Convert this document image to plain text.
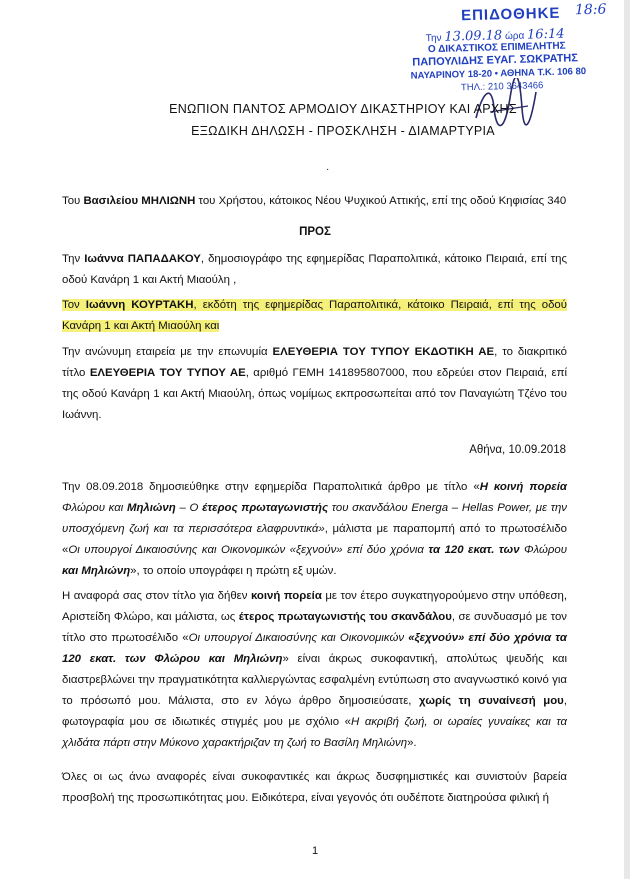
ΕΠΙΔΟΘΗΚΕ 18:6
Την 13.09.18 ώρα 16:14
Ο ΔΙΚΑΣΤΙΚΟΣ ΕΠΙΜΕΛΗΤΗΣ
ΠΑΠΟΥΛΙΔΗΣ ΕΥΑΓ. ΣΩΚΡΑΤΗΣ
ΝΑΥΑΡΙΝΟΥ 18-20 • ΑΘΗΝΑ Τ.Κ. 106 80
ΤΗΛ.: 210 3643466
ΕΝΩΠΙΟΝ ΠΑΝΤΟΣ ΑΡΜΟΔΙΟΥ ΔΙΚΑΣΤΗΡΙΟΥ ΚΑΙ ΑΡΧΗΣ
ΕΞΩΔΙΚΗ ΔΗΛΩΣΗ - ΠΡΟΣΚΛΗΣΗ - ΔΙΑΜΑΡΤΥΡΙΑ
·

Του Βασιλείου ΜΗΛΙΩΝΗ του Χρήστου, κάτοικος Νέου Ψυχικού Αττικής, επί της οδού Κηφισίας 340

ΠΡΟΣ

Την Ιωάννα ΠΑΠΑΔΑΚΟΥ, δημοσιογράφο της εφημερίδας Παραπολιτικά, κάτοικο Πειραιά, επί της οδού Κανάρη 1 και Ακτή Μιαούλη ,

Τον Ιωάννη ΚΟΥΡΤΑΚΗ, εκδότη της εφημερίδας Παραπολιτικά, κάτοικο Πειραιά, επί της οδού Κανάρη 1 και Ακτή Μιαούλη και

Την ανώνυμη εταιρεία με την επωνυμία ΕΛΕΥΘΕΡΙΑ ΤΟΥ ΤΥΠΟΥ ΕΚΔΟΤΙΚΗ ΑΕ, το διακριτικό τίτλο ΕΛΕΥΘΕΡΙΑ ΤΟΥ ΤΥΠΟΥ ΑΕ, αριθμό ΓΕΜΗ 141895807000, που εδρεύει στον Πειραιά, επί της οδού Κανάρη 1 και Ακτή Μιαούλη, όπως νομίμως εκπροσωπείται από τον Παναγιώτη Τζένο του Ιωάννη.

Αθήνα, 10.09.2018

Την 08.09.2018 δημοσιεύθηκε στην εφημερίδα Παραπολιτικά άρθρο με τίτλο «Η κοινή πορεία Φλώρου και Μηλιώνη – Ο έτερος πρωταγωνιστής του σκανδάλου Energa – Hellas Power, με την υποσχόμενη ζωή και τα περισσότερα ελαφρυντικά», μάλιστα με παραπομπή από το πρωτοσέλιδο «Οι υπουργοί Δικαιοσύνης και Οικονομικών «ξεχνούν» επί δύο χρόνια τα 120 εκατ. των Φλώρου και Μηλιώνη», το οποίο υπογράφει η πρώτη εξ υμών.

Η αναφορά σας στον τίτλο για δήθεν κοινή πορεία με τον έτερο συγκατηγορούμενο στην υπόθεση, Αριστείδη Φλώρο, και μάλιστα, ως έτερος πρωταγωνιστής του σκανδάλου, σε συνδυασμό με τον τίτλο στο πρωτοσέλιδο «Οι υπουργοί Δικαιοσύνης και Οικονομικών «ξεχνούν» επί δύο χρόνια τα 120 εκατ. των Φλώρου και Μηλιώνη» είναι άκρως συκοφαντική, απολύτως ψευδής και διαστρεβλώνει την πραγματικότητα καλλιεργώντας εσφαλμένη εντύπωση στο αναγνωστικό κοινό για το πρόσωπό μου. Μάλιστα, στο εν λόγω άρθρο δημοσιεύσατε, χωρίς τη συναίνεσή μου, φωτογραφία μου σε ιδιωτικές στιγμές μου με σχόλιο «Η ακριβή ζωή, οι ωραίες γυναίκες και τα χλιδάτα πάρτι στην Μύκονο χαρακτήριζαν τη ζωή το Βασίλη Μηλιώνη».

Όλες οι ως άνω αναφορές είναι συκοφαντικές και άκρως δυσφημιστικές και συνιστούν βαρεία προσβολή της προσωπικότητας μου. Ειδικότερα, είναι γεγονός ότι ουδέποτε διατηρούσα φιλική ή

1
